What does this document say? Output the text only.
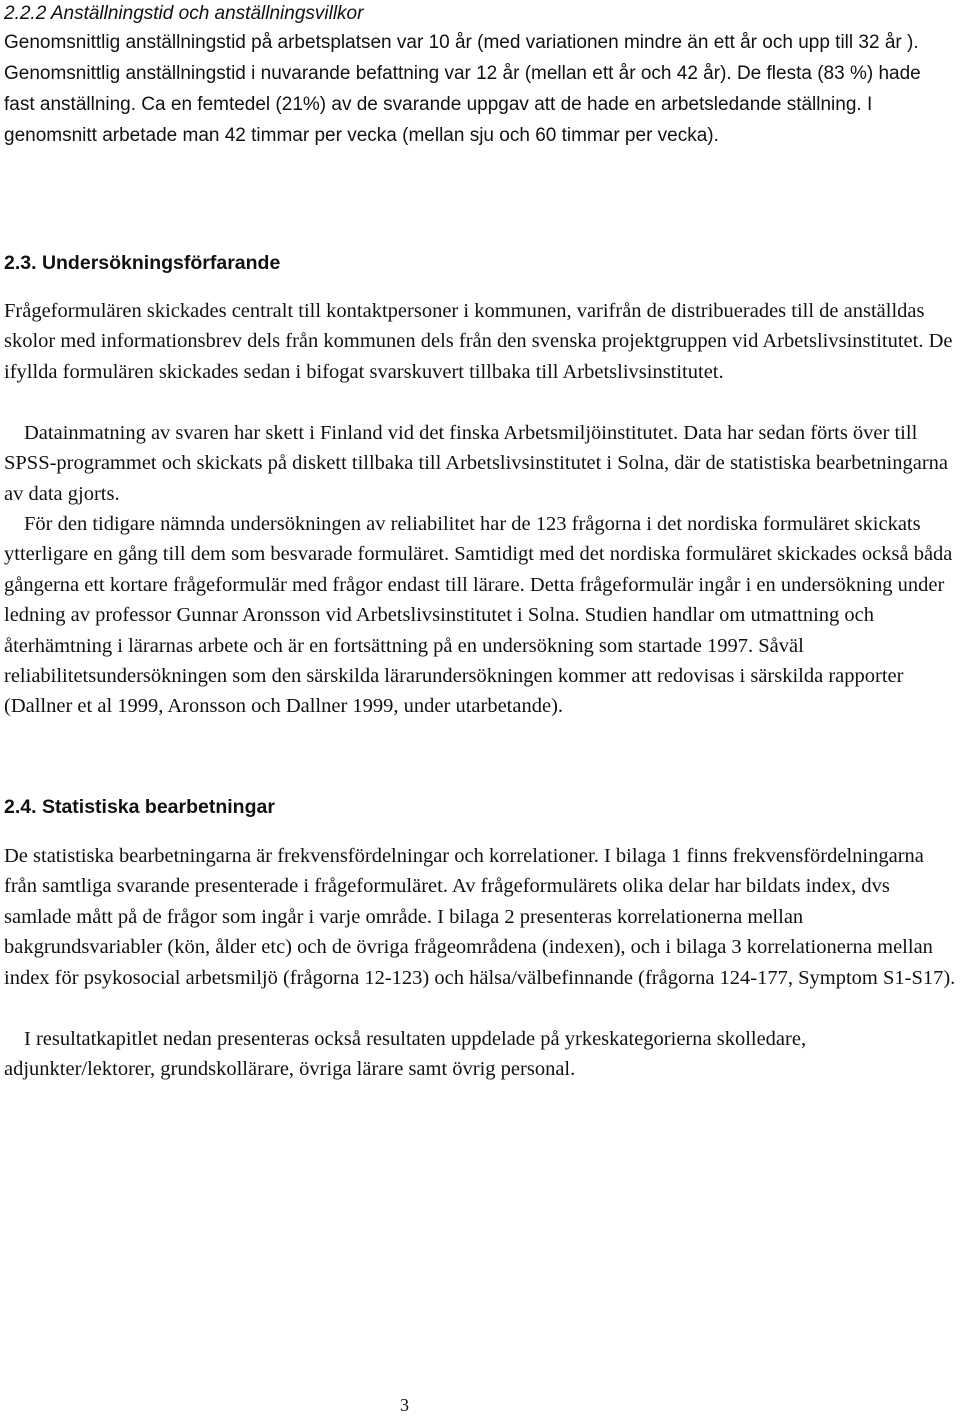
2.2.2 Anställningstid och anställningsvillkor

Genomsnittlig anställningstid på arbetsplatsen var 10 år (med variationen mindre än ett år och upp till 32 år ). Genomsnittlig anställningstid i nuvarande befattning var 12 år (mellan ett år och 42 år). De flesta (83 %) hade fast anställning. Ca en femtedel (21%) av de svarande uppgav att de hade en arbetsledande ställning. I genomsnitt arbetade man 42 timmar per vecka (mellan sju och 60 timmar per vecka).

2.3. Undersökningsförfarande

Frågeformulären skickades centralt till kontaktpersoner i kommunen, varifrån de distribuerades till de anställdas skolor med informationsbrev dels från kommunen dels från den svenska projektgruppen vid Arbetslivsinstitutet. De ifyllda formulären skickades sedan i bifogat svarskuvert tillbaka till Arbetslivsinstitutet.

Datainmatning av svaren har skett i Finland vid det finska Arbetsmiljöinstitutet. Data har sedan förts över till SPSS-programmet och skickats på diskett tillbaka till Arbetslivsinstitutet i Solna, där de statistiska bearbetningarna av data gjorts.

För den tidigare nämnda undersökningen av reliabilitet har de 123 frågorna i det nordiska formuläret skickats ytterligare en gång till dem som besvarade formuläret. Samtidigt med det nordiska formuläret skickades också båda gångerna ett kortare frågeformulär med frågor endast till lärare. Detta frågeformulär ingår i en undersökning under ledning av professor Gunnar Aronsson vid Arbetslivsinstitutet i Solna. Studien handlar om utmattning och återhämtning i lärarnas arbete och är en fortsättning på en undersökning som startade 1997. Såväl reliabilitetsundersökningen som den särskilda lärarundersökningen kommer att redovisas i särskilda rapporter (Dallner et al 1999, Aronsson och Dallner 1999, under utarbetande).

2.4. Statistiska bearbetningar

De statistiska bearbetningarna är frekvensfördelningar och korrelationer. I bilaga 1 finns frekvensfördelningarna från samtliga svarande presenterade i frågeformuläret. Av frågeformulärets olika delar har bildats index, dvs samlade mått på de frågor som ingår i varje område. I bilaga 2 presenteras korrelationerna mellan bakgrundsvariabler (kön, ålder etc) och de övriga frågeområdena (indexen), och i bilaga 3 korrelationerna mellan index för psykosocial arbetsmiljö (frågorna 12-123) och hälsa/välbefinnande (frågorna 124-177, Symptom S1-S17).

I resultatkapitlet nedan presenteras också resultaten uppdelade på yrkeskategorierna skolledare, adjunkter/lektorer, grundskollärare, övriga lärare samt övrig personal.

3
